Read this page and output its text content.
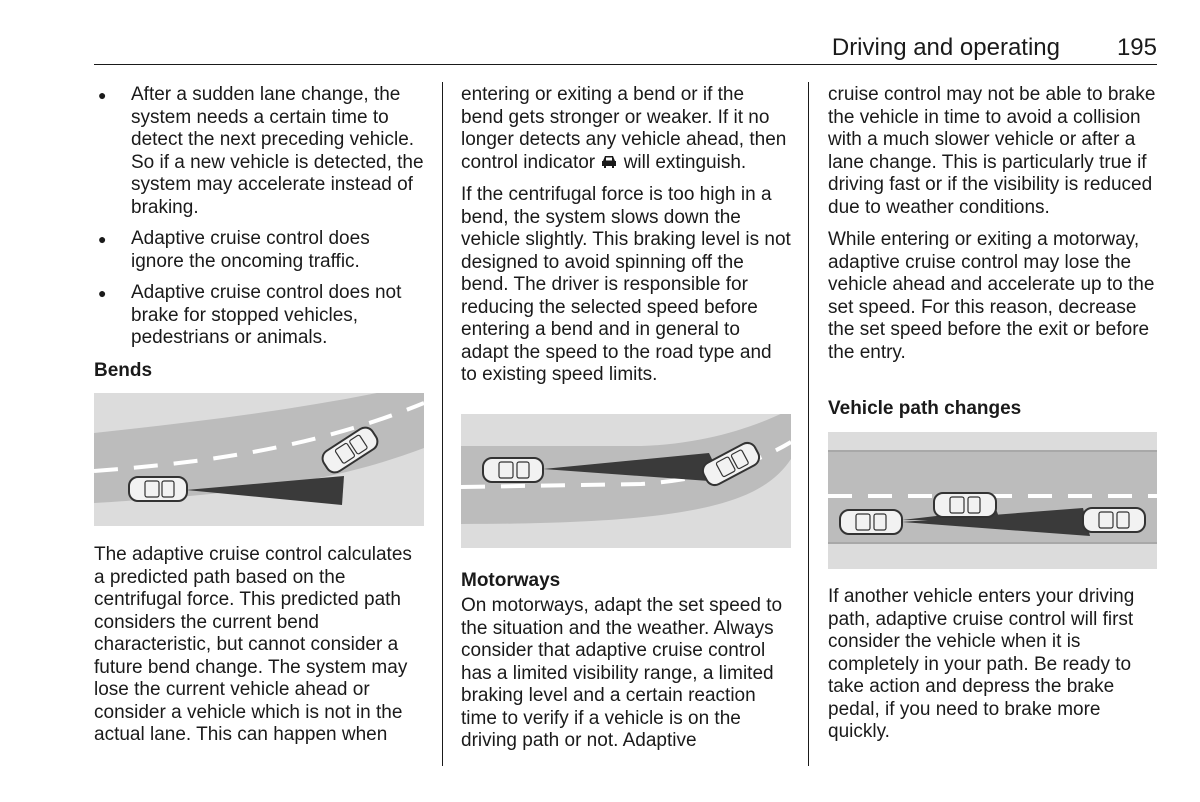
Driving and operating	195
● After a sudden lane change, the system needs a certain time to detect the next preceding vehicle. So if a new vehicle is detected, the system may accelerate instead of braking.
● Adaptive cruise control does ignore the oncoming traffic.
● Adaptive cruise control does not brake for stopped vehicles, pedestrians or animals.
Bends
The adaptive cruise control calculates a predicted path based on the centrifugal force. This predicted path considers the current bend characteristic, but cannot consider a future bend change. The system may lose the current vehicle ahead or consider a vehicle which is not in the actual lane. This can happen when

entering or exiting a bend or if the bend gets stronger or weaker. If it no longer detects any vehicle ahead, then control indicator will extinguish.

If the centrifugal force is too high in a bend, the system slows down the vehicle slightly. This braking level is not designed to avoid spinning off the bend. The driver is responsible for reducing the selected speed before entering a bend and in general to adapt the speed to the road type and to existing speed limits.

Motorways
On motorways, adapt the set speed to the situation and the weather. Always consider that adaptive cruise control has a limited visibility range, a limited braking level and a certain reaction time to verify if a vehicle is on the driving path or not. Adaptive

cruise control may not be able to brake the vehicle in time to avoid a collision with a much slower vehicle or after a lane change. This is particularly true if driving fast or if the visibility is reduced due to weather conditions.

While entering or exiting a motorway, adaptive cruise control may lose the vehicle ahead and accelerate up to the set speed. For this reason, decrease the set speed before the exit or before the entry.

Vehicle path changes
If another vehicle enters your driving path, adaptive cruise control will first consider the vehicle when it is completely in your path. Be ready to take action and depress the brake pedal, if you need to brake more quickly.
